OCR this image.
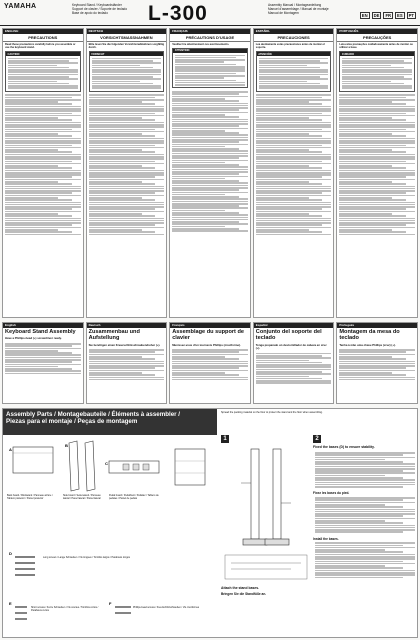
YAMAHA	Keyboard Stand / Keyboardständer
Support de clavier / Soporte de teclado
Base de apoio do teclado	L-300	Assembly Manual / Montageanleitung
Manuel d'assemblage / Manual de montaje
Manual de Montagem	EN	DE	FR	ES	PT
ENGLISH
PRECAUTIONS
Read these precautions carefully before you assemble or use the keyboard stand.
CAUTION
DEUTSCH
VORSICHTSMASSNAHMEN
Bitte lesen Sie die folgenden Vorsichtsmaßnahmen sorgfältig durch.
VORSICHT
FRANÇAIS
PRÉCAUTIONS D'USAGE
Veuillez lire attentivement ces avertissements.
ATTENTION
ESPAÑOL
PRECAUCIONES
Lea atentamente estas precauciones antes de montar el soporte.
ATENCIÓN
PORTUGUÊS
PRECAUÇÕES
Leia estas precauções cuidadosamente antes de montar ou utilizar a base.
CUIDADO
English
Keyboard Stand Assembly
Have a Phillips-head (+) screwdriver ready.
Deutsch
Zusammenbau und Aufstellung
Sie benötigen einen Kreuzschlitzschraubendreher (+).
Français
Assemblage du support de clavier
Munissez-vous d'un tournevis Phillips (cruciforme).
Español
Conjunto del soporte del teclado
Tenga preparado un destornillador de cabeza en cruz (+).
Português
Montagem da mesa do teclado
Tenha à mão uma chave Phillips (cruz) (+).
Assembly Parts / Montagebauteile / Éléments à assembler /
Piezas para el montaje / Peças de montagem
A
B
C
D
E	F
Back board / Rückwand / Panneau arrière / Tablero posterior / Painel posterior
Side board / Seitenwand / Panneau latéral / Panel lateral / Painel lateral
Pedal board / Pedalbrett / Pédalier / Tablero de pedales / Painel de pedais
Long screws / Lange Schrauben / Vis longues / Tornillos largos / Parafusos longos
Short screws / Kurze Schrauben / Vis courtes / Tornillos cortos / Parafusos curtos
Phillips-head screws / Kreuzschlitzschrauben / Vis cruciformes
Spread the packing material on the floor to protect the stand and the floor when assembling.
1
Attach the stand bases.
Bringen Sie die Standfüße an.
2
Fixed the bases (D) to ensure stability.
Fixez les bases du pied.
Install the bases.
